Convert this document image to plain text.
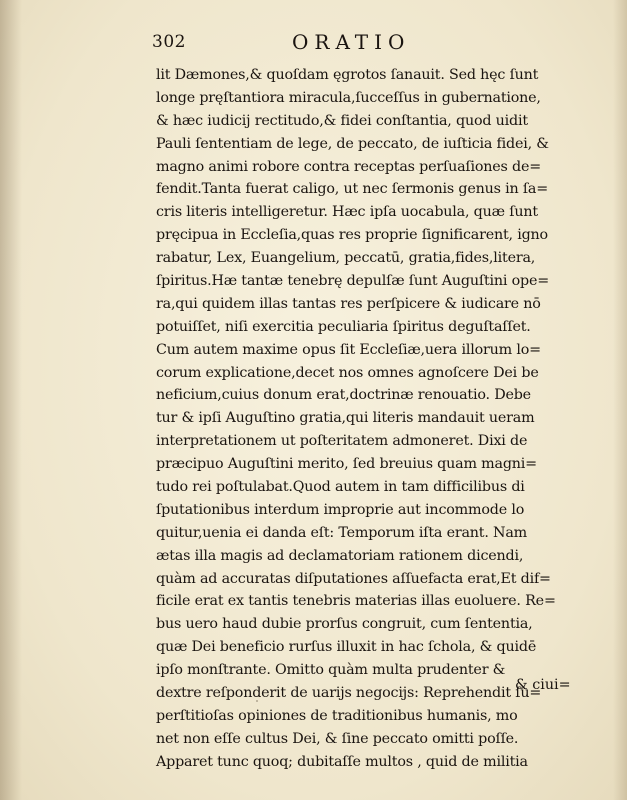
302	ORATIO
lit Dæmones,& quoſdam ęgrotos ſanauit. Sed hęc ſunt
longe pręſtantiora miracula,ſucceſſus in gubernatione,
& hæc iudicij rectitudo,& fidei conſtantia, quod uidit
Pauli ſententiam de lege, de peccato, de iuſticia fidei, &
magno animi robore contra receptas perſuaſiones de=
fendit.Tanta fuerat caligo, ut nec ſermonis genus in ſa=
cris literis intelligeretur. Hæc ipſa uocabula, quæ ſunt
pręcipua in Eccleſia,quas res proprie ſignificarent, igno
rabatur, Lex, Euangelium, peccatū, gratia,fides,litera,
ſpiritus.Hæ tantæ tenebrę depulſæ ſunt Auguſtini ope=
ra,qui quidem illas tantas res perſpicere & iudicare nō
potuiſſet, niſi exercitia peculiaria ſpiritus deguſtaſſet.
Cum autem maxime opus ſit Eccleſiæ,uera illorum lo=
corum explicatione,decet nos omnes agnoſcere Dei be
neficium,cuius donum erat,doctrinæ renouatio. Debe
tur & ipſi Auguſtino gratia,qui literis mandauit ueram
interpretationem ut poſteritatem admoneret. Dixi de
præcipuo Auguſtini merito, ſed breuius quam magni=
tudo rei poſtulabat.Quod autem in tam difficilibus di
ſputationibus interdum improprie aut incommode lo
quitur,uenia ei danda eſt: Temporum iſta erant. Nam
ætas illa magis ad declamatoriam rationem dicendi,
quàm ad accuratas diſputationes aſſuefacta erat,Et dif=
ficile erat ex tantis tenebris materias illas euoluere. Re=
bus uero haud dubie prorſus congruit, cum ſententia,
quæ Dei beneficio rurſus illuxit in hac ſchola, & quidē
ipſo monſtrante. Omitto quàm multa prudenter &
dextre reſponderit de uarijs negocijs: Reprehendit ſu=
perſtitioſas opiniones de traditionibus humanis, mo
net non eſſe cultus Dei, & ſine peccato omitti poſſe.
Apparet tunc quoq; dubitaſſe multos , quid de militia
& ciui=
